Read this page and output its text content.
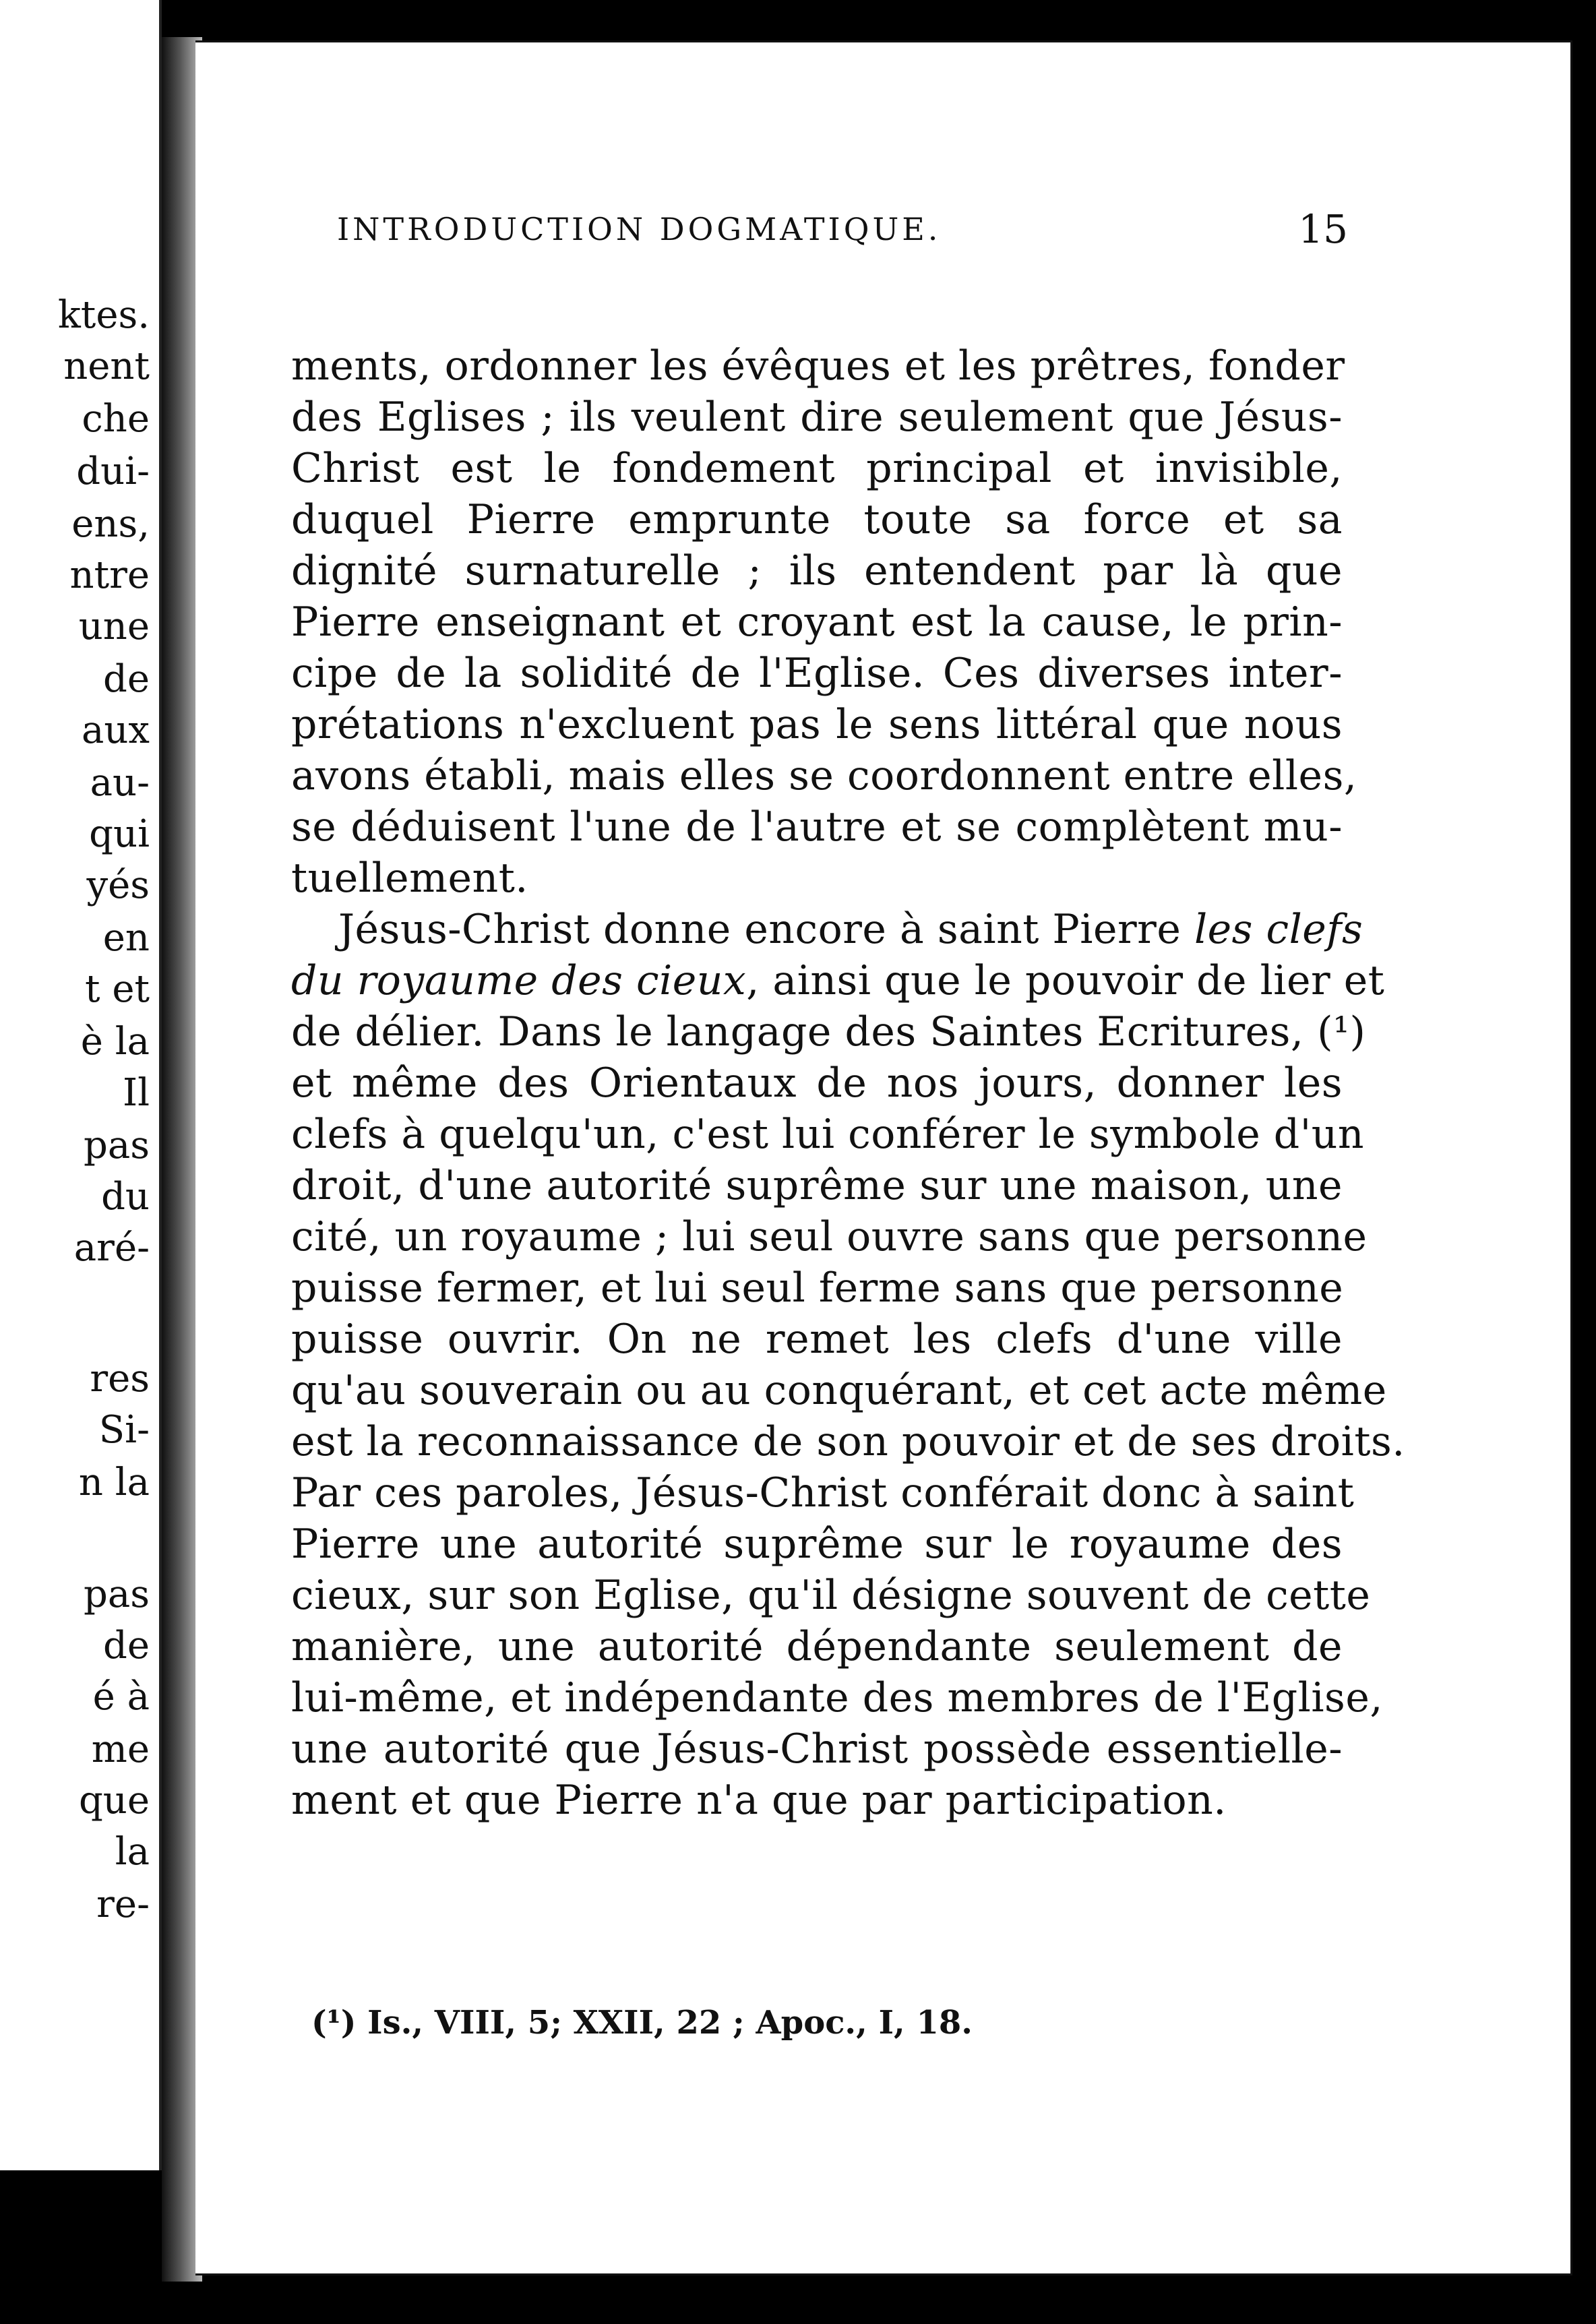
ktes.
nent
che
dui-
ens,
ntre
une
de
aux
au-
qui
yés
en
t et
è la
Il
pas
du
aré-
res
Si-
n la
pas
de
é à
me
que
la
re-
INTRODUCTION DOGMATIQUE.	15
ments, ordonner les évêques et les prêtres, fonder
des Eglises ; ils veulent dire seulement que Jésus-
Christ est le fondement principal et invisible,
duquel Pierre emprunte toute sa force et sa
dignité surnaturelle ; ils entendent par là que
Pierre enseignant et croyant est la cause, le prin-
cipe de la solidité de l'Eglise. Ces diverses inter-
prétations n'excluent pas le sens littéral que nous
avons établi, mais elles se coordonnent entre elles,
se déduisent l'une de l'autre et se complètent mu-
tuellement.
Jésus-Christ donne encore à saint Pierre les clefs
du royaume des cieux, ainsi que le pouvoir de lier et
de délier. Dans le langage des Saintes Ecritures, (¹)
et même des Orientaux de nos jours, donner les
clefs à quelqu'un, c'est lui conférer le symbole d'un
droit, d'une autorité suprême sur une maison, une
cité, un royaume ; lui seul ouvre sans que personne
puisse fermer, et lui seul ferme sans que personne
puisse ouvrir. On ne remet les clefs d'une ville
qu'au souverain ou au conquérant, et cet acte même
est la reconnaissance de son pouvoir et de ses droits.
Par ces paroles, Jésus-Christ conférait donc à saint
Pierre une autorité suprême sur le royaume des
cieux, sur son Eglise, qu'il désigne souvent de cette
manière, une autorité dépendante seulement de
lui-même, et indépendante des membres de l'Eglise,
une autorité que Jésus-Christ possède essentielle-
ment et que Pierre n'a que par participation.
(¹) Is., VIII, 5; XXII, 22 ; Apoc., I, 18.
